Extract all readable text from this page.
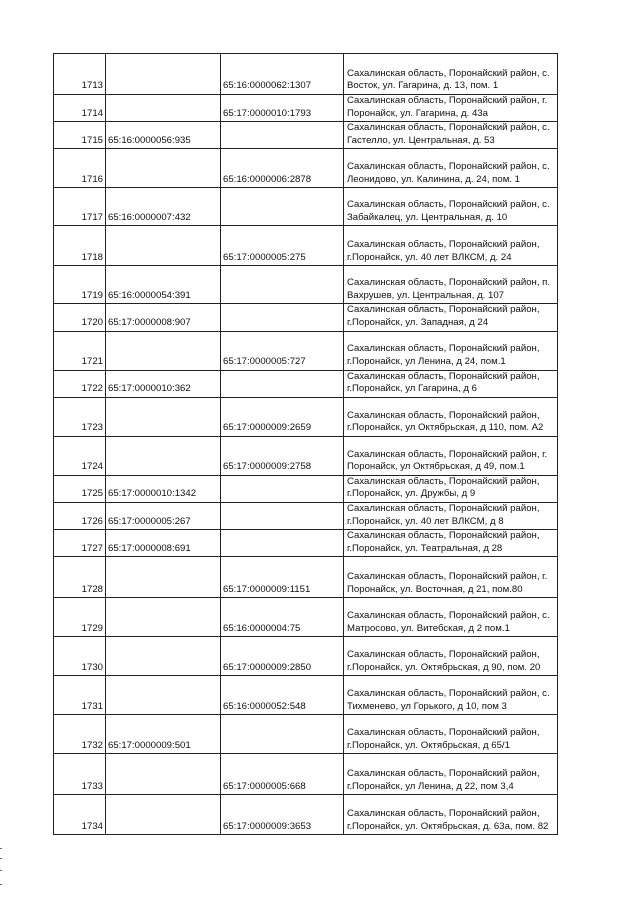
1713		65:16:0000062:1307	Сахалинская область, Поронайский район, с. Восток, ул. Гагарина, д. 13, пом. 1
1714		65:17:0000010:1793	Сахалинская область, Поронайский район, г. Поронайск, ул. Гагарина, д. 43а
1715	65:16:0000056:935		Сахалинская область, Поронайский район, с. Гастелло, ул. Центральная, д. 53
1716		65:16:0000006:2878	Сахалинская область, Поронайский район, с. Леонидово, ул. Калинина, д. 24, пом. 1
1717	65:16:0000007:432		Сахалинская область, Поронайский район, с. Забайкалец, ул. Центральная, д. 10
1718		65:17:0000005:275	Сахалинская область, Поронайский район, г.Поронайск, ул. 40 лет ВЛКСМ, д. 24
1719	65:16:0000054:391		Сахалинская область, Поронайский район, п. Вахрушев, ул. Центральная, д. 107
1720	65:17:0000008:907		Сахалинская область, Поронайский район, г.Поронайск, ул. Западная, д 24
1721		65:17:0000005:727	Сахалинская область, Поронайский район, г.Поронайск, ул Ленина, д 24, пом.1
1722	65:17:0000010:362		Сахалинская область, Поронайский район, г.Поронайск, ул Гагарина, д 6
1723		65:17:0000009:2659	Сахалинская область, Поронайский район, г.Поронайск, ул Октябрьская, д 110, пом. А2
1724		65:17:0000009:2758	Сахалинская область, Поронайский район, г. Поронайск, ул Октябрьская, д 49, пом.1
1725	65:17:0000010:1342		Сахалинская область, Поронайский район, г.Поронайск, ул. Дружбы, д 9
1726	65:17:0000005:267		Сахалинская область, Поронайский район, г.Поронайск, ул. 40 лет ВЛКСМ, д 8
1727	65:17:0000008:691		Сахалинская область, Поронайский район, г.Поронайск, ул. Театральная, д 28
1728		65:17:0000009:1151	Сахалинская область, Поронайский район, г. Поронайск, ул. Восточная, д 21, пом.80
1729		65:16:0000004:75	Сахалинская область, Поронайский район, с. Матросово, ул. Витебская, д 2 пом.1
1730		65:17:0000009:2850	Сахалинская область, Поронайский район, г.Поронайск, ул. Октябрьская, д 90, пом. 20
1731		65:16:0000052:548	Сахалинская область, Поронайский район, с. Тихменево, ул Горького, д 10, пом 3
1732	65:17:0000009:501		Сахалинская область, Поронайский район, г.Поронайск, ул. Октябрьская, д 65/1
1733		65:17:0000005:668	Сахалинская область, Поронайский район, г.Поронайск, ул Ленина, д 22, пом 3,4
1734		65:17:0000009:3653	Сахалинская область, Поронайский район, г.Поронайск, ул. Октябрьская, д. 63а, пом. 82
